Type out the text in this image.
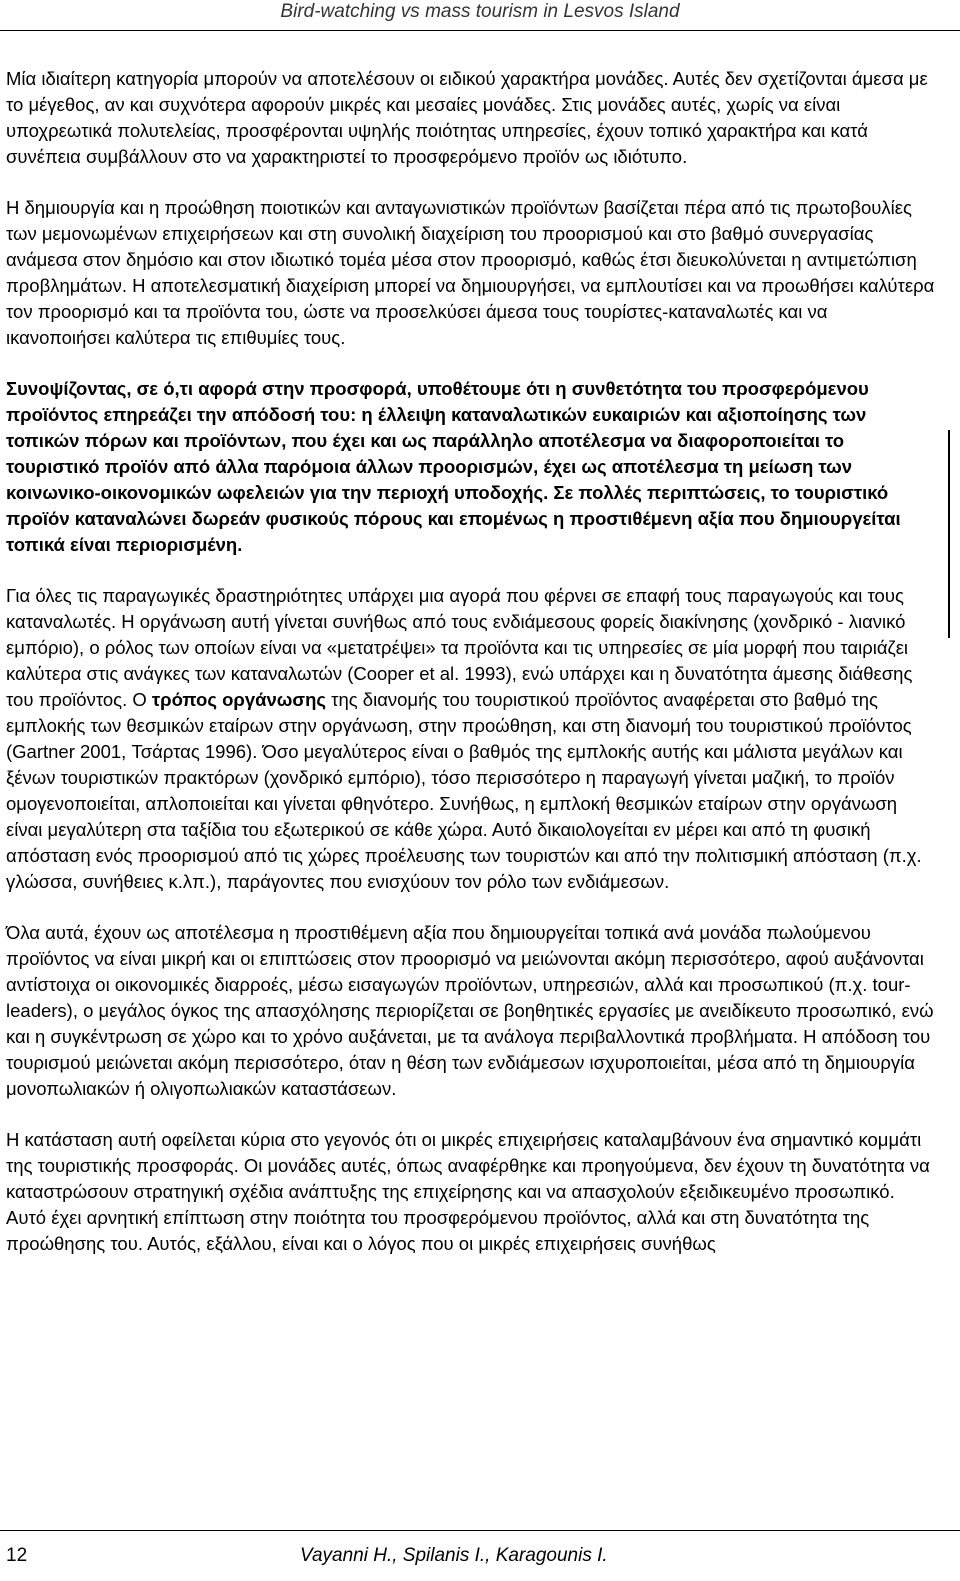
Bird-watching vs mass tourism in Lesvos Island

Μία ιδιαίτερη κατηγορία μπορούν να αποτελέσουν οι ειδικού χαρακτήρα μονάδες. Αυτές δεν σχετίζονται άμεσα με το μέγεθος, αν και συχνότερα αφορούν μικρές και μεσαίες μονάδες. Στις μονάδες αυτές, χωρίς να είναι υποχρεωτικά πολυτελείας, προσφέρονται υψηλής ποιότητας υπηρεσίες, έχουν τοπικό χαρακτήρα και κατά συνέπεια συμβάλλουν στο να χαρακτηριστεί το προσφερόμενο προϊόν ως ιδιότυπο.

Η δημιουργία και η προώθηση ποιοτικών και ανταγωνιστικών προϊόντων βασίζεται πέρα από τις πρωτοβουλίες των μεμονωμένων επιχειρήσεων και στη συνολική διαχείριση του προορισμού και στο βαθμό συνεργασίας ανάμεσα στον δημόσιο και στον ιδιωτικό τομέα μέσα στον προορισμό, καθώς έτσι διευκολύνεται η αντιμετώπιση προβλημάτων. Η αποτελεσματική διαχείριση μπορεί να δημιουργήσει, να εμπλουτίσει και να προωθήσει καλύτερα τον προορισμό και τα προϊόντα του, ώστε να προσελκύσει άμεσα τους τουρίστες-καταναλωτές και να ικανοποιήσει καλύτερα τις επιθυμίες τους.

Συνοψίζοντας, σε ό,τι αφορά στην προσφορά, υποθέτουμε ότι η συνθετότητα του προσφερόμενου προϊόντος επηρεάζει την απόδοσή του: η έλλειψη καταναλωτικών ευκαιριών και αξιοποίησης των τοπικών πόρων και προϊόντων, που έχει και ως παράλληλο αποτέλεσμα να διαφοροποιείται το τουριστικό προϊόν από άλλα παρόμοια άλλων προορισμών, έχει ως αποτέλεσμα τη μείωση των κοινωνικο-οικονομικών ωφελειών για την περιοχή υποδοχής. Σε πολλές περιπτώσεις, το τουριστικό προϊόν καταναλώνει δωρεάν φυσικούς πόρους και επομένως η προστιθέμενη αξία που δημιουργείται τοπικά είναι περιορισμένη.

Για όλες τις παραγωγικές δραστηριότητες υπάρχει μια αγορά που φέρνει σε επαφή τους παραγωγούς και τους καταναλωτές. Η οργάνωση αυτή γίνεται συνήθως από τους ενδιάμεσους φορείς διακίνησης (χονδρικό - λιανικό εμπόριο), ο ρόλος των οποίων είναι να «μετατρέψει» τα προϊόντα και τις υπηρεσίες σε μία μορφή που ταιριάζει καλύτερα στις ανάγκες των καταναλωτών (Cooper et al. 1993), ενώ υπάρχει και η δυνατότητα άμεσης διάθεσης του προϊόντος. Ο τρόπος οργάνωσης της διανομής του τουριστικού προϊόντος αναφέρεται στο βαθμό της εμπλοκής των θεσμικών εταίρων στην οργάνωση, στην προώθηση, και στη διανομή του τουριστικού προϊόντος (Gartner 2001, Τσάρτας 1996). Όσο μεγαλύτερος είναι ο βαθμός της εμπλοκής αυτής και μάλιστα μεγάλων και ξένων τουριστικών πρακτόρων (χονδρικό εμπόριο), τόσο περισσότερο η παραγωγή γίνεται μαζική, το προϊόν ομογενοποιείται, απλοποιείται και γίνεται φθηνότερο. Συνήθως, η εμπλοκή θεσμικών εταίρων στην οργάνωση είναι μεγαλύτερη στα ταξίδια του εξωτερικού σε κάθε χώρα. Αυτό δικαιολογείται εν μέρει και από τη φυσική απόσταση ενός προορισμού από τις χώρες προέλευσης των τουριστών και από την πολιτισμική απόσταση (π.χ. γλώσσα, συνήθειες κ.λπ.), παράγοντες που ενισχύουν τον ρόλο των ενδιάμεσων.

Όλα αυτά, έχουν ως αποτέλεσμα η προστιθέμενη αξία που δημιουργείται τοπικά ανά μονάδα πωλούμενου προϊόντος να είναι μικρή και οι επιπτώσεις στον προορισμό να μειώνονται ακόμη περισσότερο, αφού αυξάνονται αντίστοιχα οι οικονομικές διαρροές, μέσω εισαγωγών προϊόντων, υπηρεσιών, αλλά και προσωπικού (π.χ. tour-leaders), ο μεγάλος όγκος της απασχόλησης περιορίζεται σε βοηθητικές εργασίες με ανειδίκευτο προσωπικό, ενώ και η συγκέντρωση σε χώρο και το χρόνο αυξάνεται, με τα ανάλογα περιβαλλοντικά προβλήματα. Η απόδοση του τουρισμού μειώνεται ακόμη περισσότερο, όταν η θέση των ενδιάμεσων ισχυροποιείται, μέσα από τη δημιουργία μονοπωλιακών ή ολιγοπωλιακών καταστάσεων.

Η κατάσταση αυτή οφείλεται κύρια στο γεγονός ότι οι μικρές επιχειρήσεις καταλαμβάνουν ένα σημαντικό κομμάτι της τουριστικής προσφοράς. Οι μονάδες αυτές, όπως αναφέρθηκε και προηγούμενα, δεν έχουν τη δυνατότητα να καταστρώσουν στρατηγική σχέδια ανάπτυξης της επιχείρησης και να απασχολούν εξειδικευμένο προσωπικό. Αυτό έχει αρνητική επίπτωση στην ποιότητα του προσφερόμενου προϊόντος, αλλά και στη δυνατότητα της προώθησης του. Αυτός, εξάλλου, είναι και ο λόγος που οι μικρές επιχειρήσεις συνήθως

12	Vayanni H., Spilanis I., Karagounis I.
